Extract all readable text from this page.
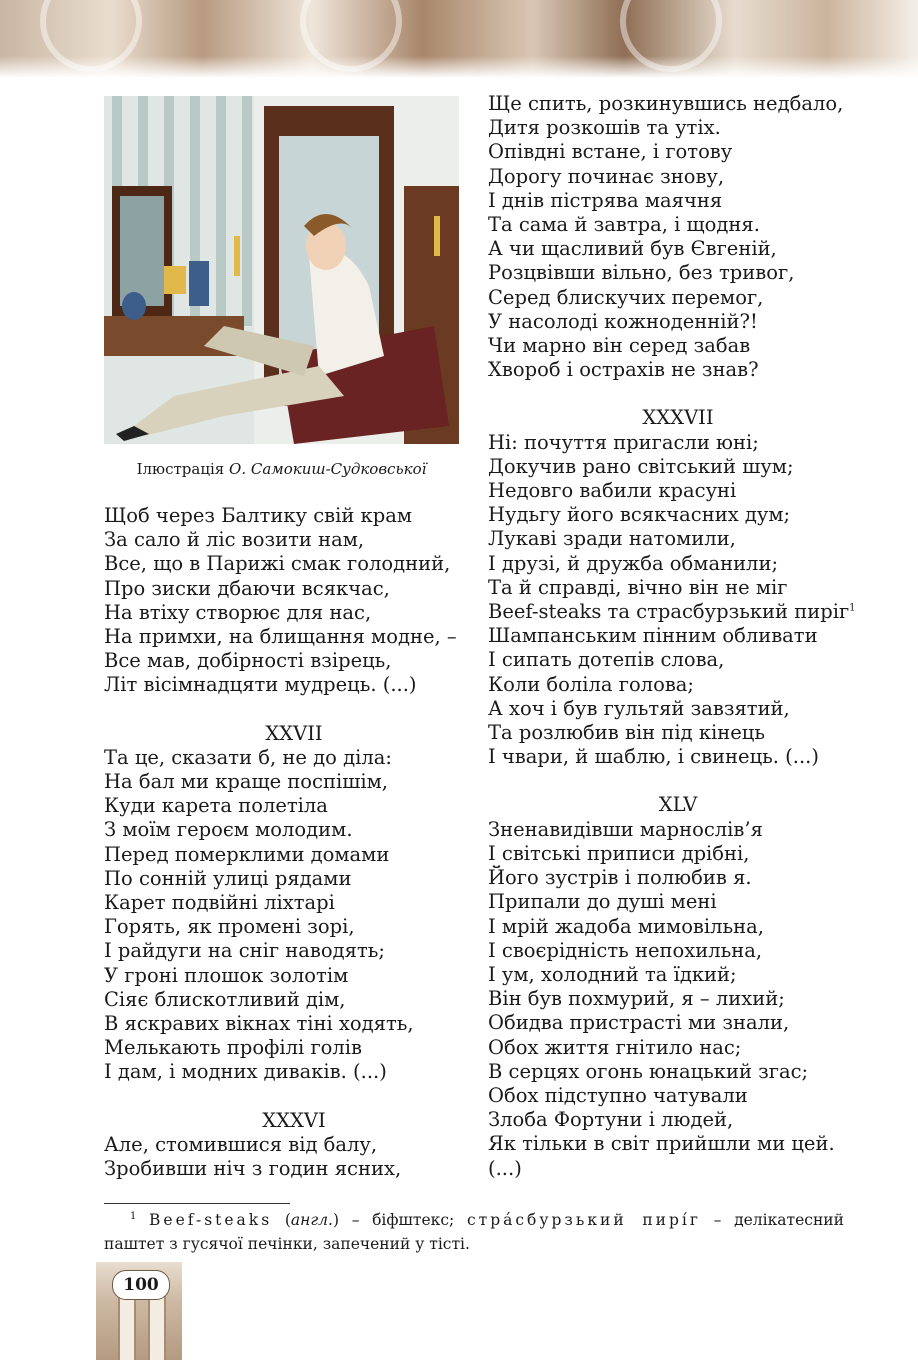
Ілюстрація О. Самокиш-Судковської
Щоб через Балтику свій крам
За сало й ліс возити нам,
Все, що в Парижі смак голодний,
Про зиски дбаючи всякчас,
На втіху створює для нас,
На примхи, на блищання модне, –
Все мав, добірності взірець,
Літ вісімнадцяти мудрець. (...)
XXVII
Та це, сказати б, не до діла:
На бал ми краще поспішім,
Куди карета полетіла
З моїм героєм молодим.
Перед померклими домами
По сонній улиці рядами
Карет подвійні ліхтарі
Горять, як промені зорі,
І райдуги на сніг наводять;
У гроні плошок золотім
Сіяє блискотливий дім,
В яскравих вікнах тіні ходять,
Мелькають профілі голів
І дам, і модних диваків. (...)
XXXVI
Але, стомившися від балу,
Зробивши ніч з годин ясних,
Ще спить, розкинувшись недбало,
Дитя розкошів та утіх.
Опівдні встане, і готову
Дорогу починає знову,
І днів пістрява маячня
Та сама й завтра, і щодня.
А чи щасливий був Євгеній,
Розцвівши вільно, без тривог,
Серед блискучих перемог,
У насолоді кожноденній?!
Чи марно він серед забав
Хвороб і острахів не знав?
XXXVII
Ні: почуття пригасли юні;
Докучив рано світський шум;
Недовго вабили красуні
Нудьгу його всякчасних дум;
Лукаві зради натомили,
І друзі, й дружба обманили;
Та й справді, вічно він не міг
Beef-steaks та страсбурзький пиріг$^1$
Шампанським пінним обливати
І сипать дотепів слова,
Коли боліла голова;
А хоч і був гультяй завзятий,
Та розлюбив він під кінець
І чвари, й шаблю, і свинець. (...)
XLV
Зненавидівши марнослів’я
І світські приписи дрібні,
Його зустрів і полюбив я.
Припали до душі мені
І мрій жадоба мимовільна,
І своєрідність непохильна,
І ум, холодний та їдкий;
Він був похмурий, я – лихий;
Обидва пристрасті ми знали,
Обох життя гнітило нас;
В серцях огонь юнацький згас;
Обох підступно чатували
Злоба Фортуни і людей,
Як тільки в світ прийшли ми цей.
(...)
$^1$ Beef-steaks (англ.) – біфштекс; стрáсбурзький пирíг – делікатесний паштет з гусячої печінки, запечений у тісті.
100
